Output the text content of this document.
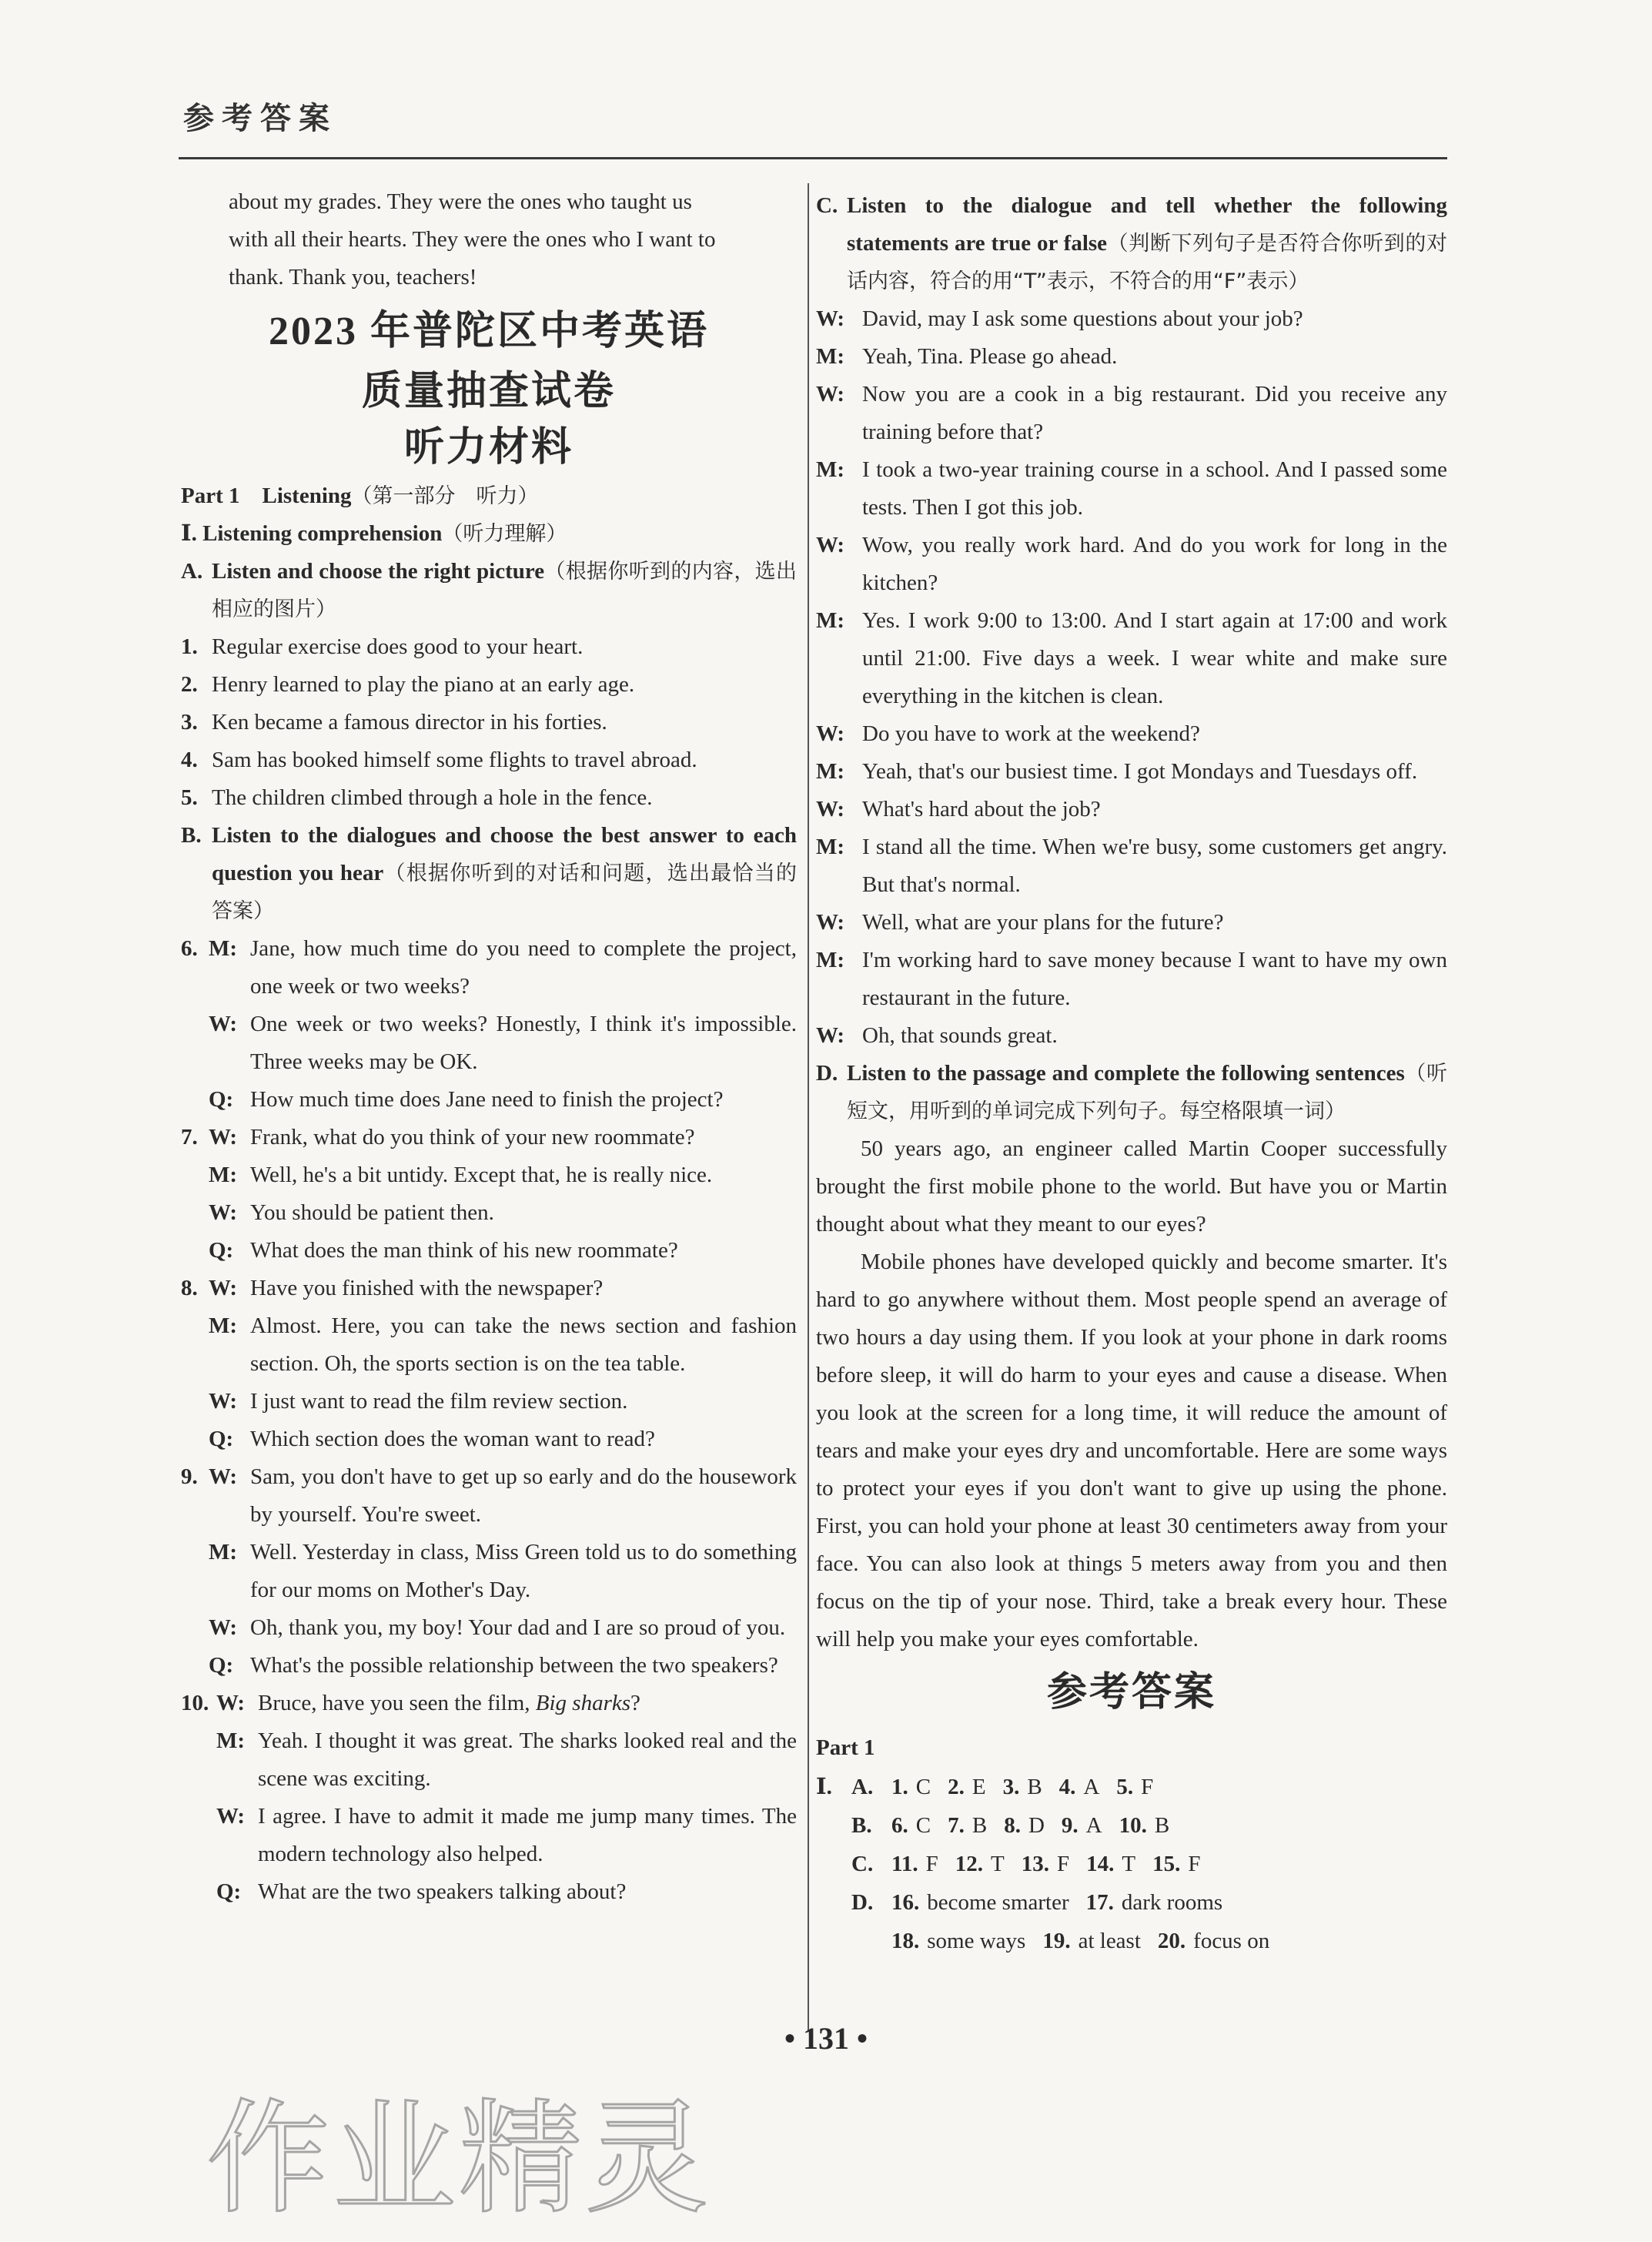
参考答案

about my grades. They were the ones who taught us

with all their hearts. They were the ones who I want to

thank. Thank you, teachers!

2023 年普陀区中考英语

质量抽查试卷

听力材料

Part 1　Listening（第一部分　听力）

Ⅰ. Listening comprehension（听力理解）

A. Listen and choose the right picture（根据你听到的内容，选出相应的图片）

1. Regular exercise does good to your heart.

2. Henry learned to play the piano at an early age.

3. Ken became a famous director in his forties.

4. Sam has booked himself some flights to travel abroad.

5. The children climbed through a hole in the fence.

B. Listen to the dialogues and choose the best answer to each question you hear（根据你听到的对话和问题，选出最恰当的答案）

6. M: Jane, how much time do you need to complete the project, one week or two weeks?

W: One week or two weeks? Honestly, I think it's impossible. Three weeks may be OK.

Q: How much time does Jane need to finish the project?

7. W: Frank, what do you think of your new roommate?

M: Well, he's a bit untidy. Except that, he is really nice.

W: You should be patient then.

Q: What does the man think of his new roommate?

8. W: Have you finished with the newspaper?

M: Almost. Here, you can take the news section and fashion section. Oh, the sports section is on the tea table.

W: I just want to read the film review section.

Q: Which section does the woman want to read?

9. W: Sam, you don't have to get up so early and do the housework by yourself. You're sweet.

M: Well. Yesterday in class, Miss Green told us to do something for our moms on Mother's Day.

W: Oh, thank you, my boy! Your dad and I are so proud of you.

Q: What's the possible relationship between the two speakers?

10. W: Bruce, have you seen the film, Big sharks?

M: Yeah. I thought it was great. The sharks looked real and the scene was exciting.

W: I agree. I have to admit it made me jump many times. The modern technology also helped.

Q: What are the two speakers talking about?

C. Listen to the dialogue and tell whether the following statements are true or false（判断下列句子是否符合你听到的对话内容，符合的用“T”表示，不符合的用“F”表示）

W: David, may I ask some questions about your job?

M: Yeah, Tina. Please go ahead.

W: Now you are a cook in a big restaurant. Did you receive any training before that?

M: I took a two-year training course in a school. And I passed some tests. Then I got this job.

W: Wow, you really work hard. And do you work for long in the kitchen?

M: Yes. I work 9:00 to 13:00. And I start again at 17:00 and work until 21:00. Five days a week. I wear white and make sure everything in the kitchen is clean.

W: Do you have to work at the weekend?

M: Yeah, that's our busiest time. I got Mondays and Tuesdays off.

W: What's hard about the job?

M: I stand all the time. When we're busy, some customers get angry. But that's normal.

W: Well, what are your plans for the future?

M: I'm working hard to save money because I want to have my own restaurant in the future.

W: Oh, that sounds great.

D. Listen to the passage and complete the following sentences（听短文，用听到的单词完成下列句子。每空格限填一词）

50 years ago, an engineer called Martin Cooper successfully brought the first mobile phone to the world. But have you or Martin thought about what they meant to our eyes?

Mobile phones have developed quickly and become smarter. It's hard to go anywhere without them. Most people spend an average of two hours a day using them. If you look at your phone in dark rooms before sleep, it will do harm to your eyes and cause a disease. When you look at the screen for a long time, it will reduce the amount of tears and make your eyes dry and uncomfortable. Here are some ways to protect your eyes if you don't want to give up using the phone. First, you can hold your phone at least 30 centimeters away from your face. You can also look at things 5 meters away from you and then focus on the tip of your nose. Third, take a break every hour. These will help you make your eyes comfortable.

参考答案

Part 1

Ⅰ. A. 1. C 2. E 3. B 4. A 5. F

B. 6. C 7. B 8. D 9. A 10. B

C. 11. F 12. T 13. F 14. T 15. F

D. 16. become smarter 17. dark rooms

18. some ways 19. at least 20. focus on

• 131 •
作业精灵
